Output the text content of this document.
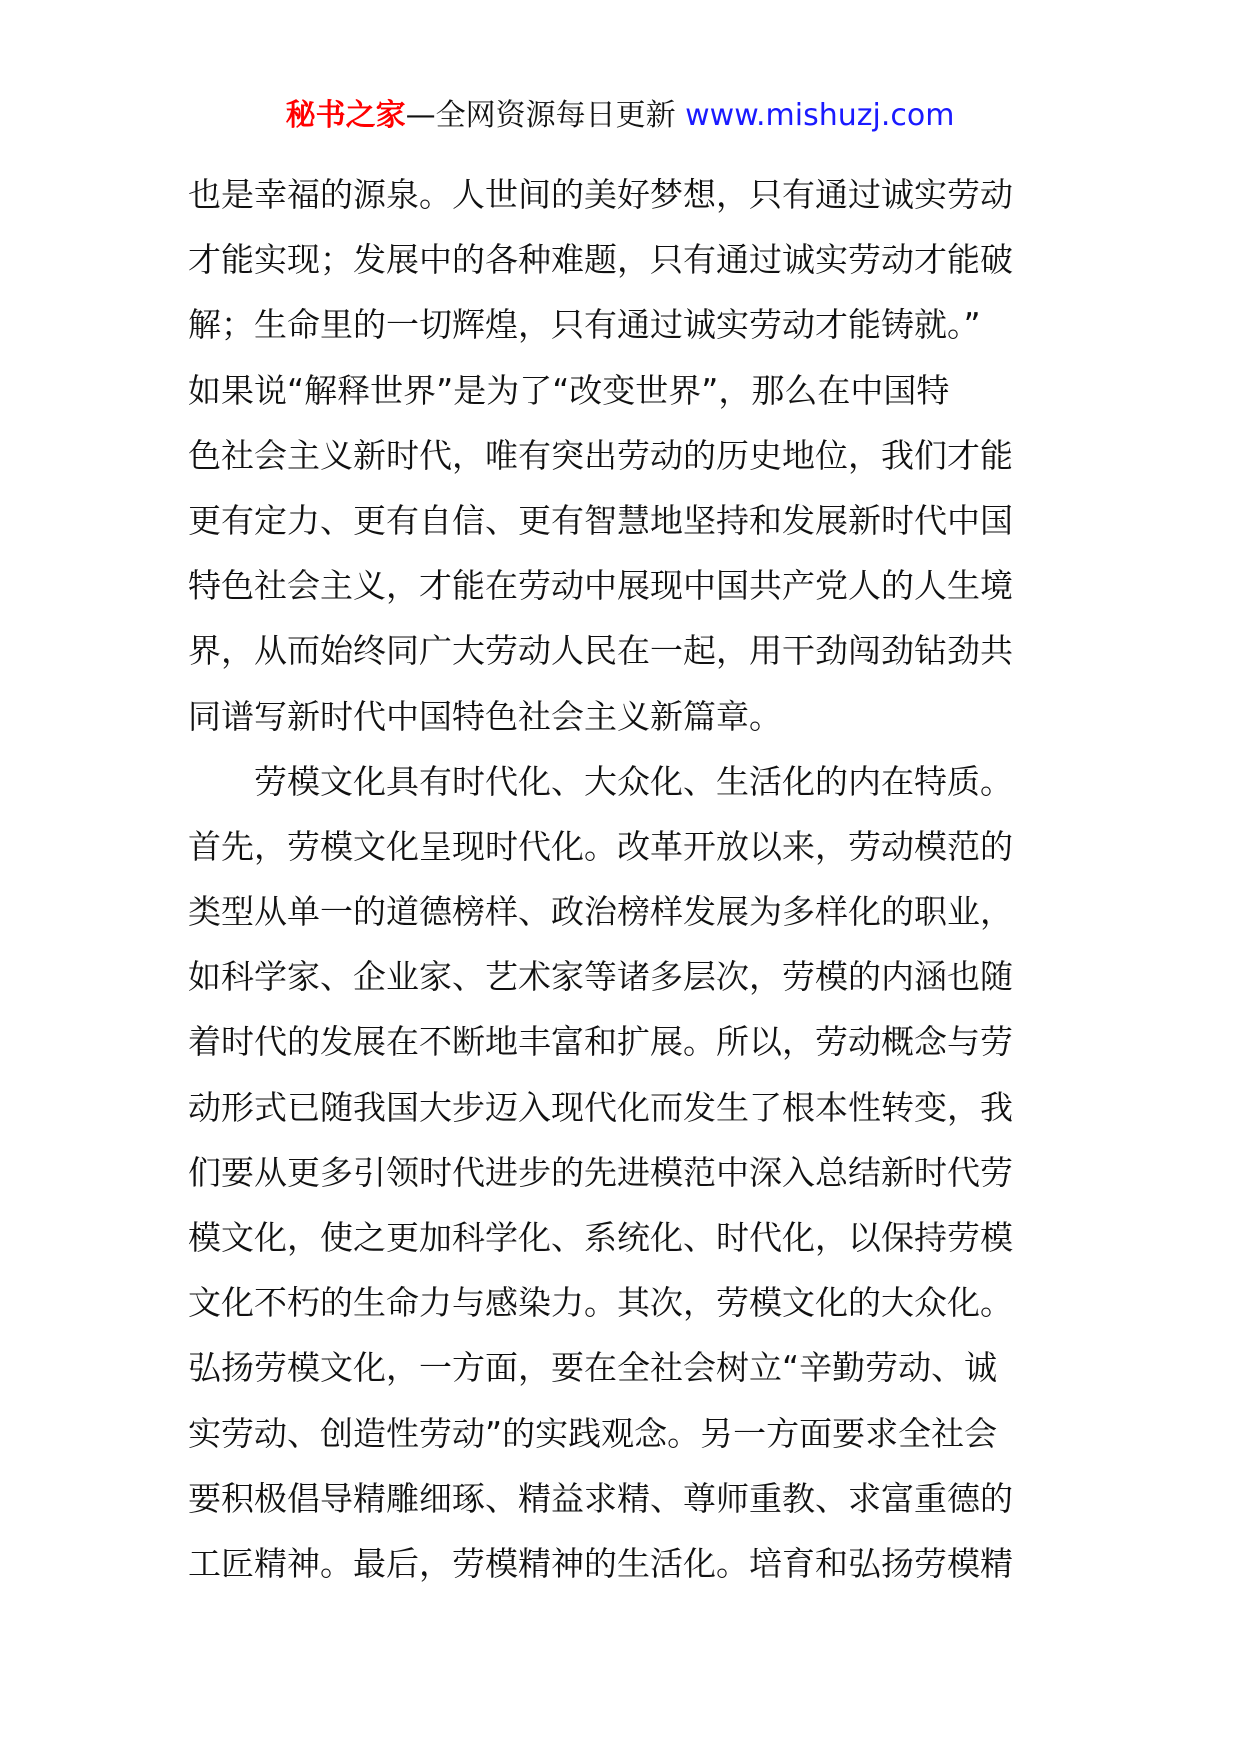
秘书之家—全网资源每日更新 www.mishuzj.com
也是幸福的源泉。人世间的美好梦想，只有通过诚实劳动
才能实现；发展中的各种难题，只有通过诚实劳动才能破
解；生命里的一切辉煌，只有通过诚实劳动才能铸就。”
如果说“解释世界”是为了“改变世界”，那么在中国特
色社会主义新时代，唯有突出劳动的历史地位，我们才能
更有定力、更有自信、更有智慧地坚持和发展新时代中国
特色社会主义，才能在劳动中展现中国共产党人的人生境
界，从而始终同广大劳动人民在一起，用干劲闯劲钻劲共
同谱写新时代中国特色社会主义新篇章。
劳模文化具有时代化、大众化、生活化的内在特质。
首先，劳模文化呈现时代化。改革开放以来，劳动模范的
类型从单一的道德榜样、政治榜样发展为多样化的职业，
如科学家、企业家、艺术家等诸多层次，劳模的内涵也随
着时代的发展在不断地丰富和扩展。所以，劳动概念与劳
动形式已随我国大步迈入现代化而发生了根本性转变，我
们要从更多引领时代进步的先进模范中深入总结新时代劳
模文化，使之更加科学化、系统化、时代化，以保持劳模
文化不朽的生命力与感染力。其次，劳模文化的大众化。
弘扬劳模文化，一方面，要在全社会树立“辛勤劳动、诚
实劳动、创造性劳动”的实践观念。另一方面要求全社会
要积极倡导精雕细琢、精益求精、尊师重教、求富重德的
工匠精神。最后，劳模精神的生活化。培育和弘扬劳模精
